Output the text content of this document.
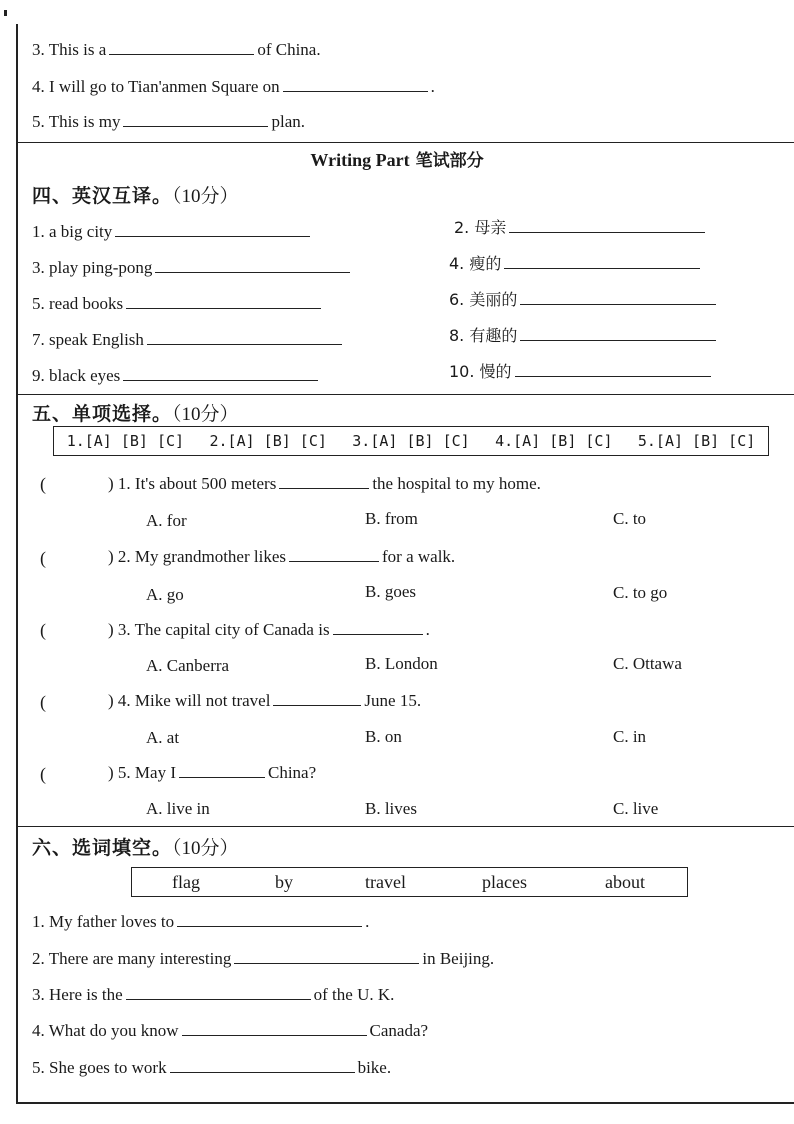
3. This is a	of China.
4. I will go to Tian'anmen Square on	.
5. This is my	plan.
Writing Part 笔试部分
四、英汉互译。（10分）
1. a big city
3. play ping-pong
5. read books
7. speak English
9. black eyes
2. 母亲
4. 瘦的
6. 美丽的
8. 有趣的
10. 慢的
五、单项选择。（10分）
1.[A] [B] [C] 2.[A] [B] [C] 3.[A] [B] [C] 4.[A] [B] [C] 5.[A] [B] [C]
(	) 1. It's about 500 meters	the hospital to my home.
A. for	B. from	C. to
(	) 2. My grandmother likes	for a walk.
A. go	B. goes	C. to go
(	) 3. The capital city of Canada is	.
A. Canberra	B. London	C. Ottawa
(	) 4. Mike will not travel	June 15.
A. at	B. on	C. in
(	) 5. May I	China?
A. live in	B. lives	C. live
六、选词填空。（10分）
flag	by	travel	places	about
1. My father loves to	.
2. There are many interesting	in Beijing.
3. Here is the	of the U. K.
4. What do you know	Canada?
5. She goes to work	bike.
